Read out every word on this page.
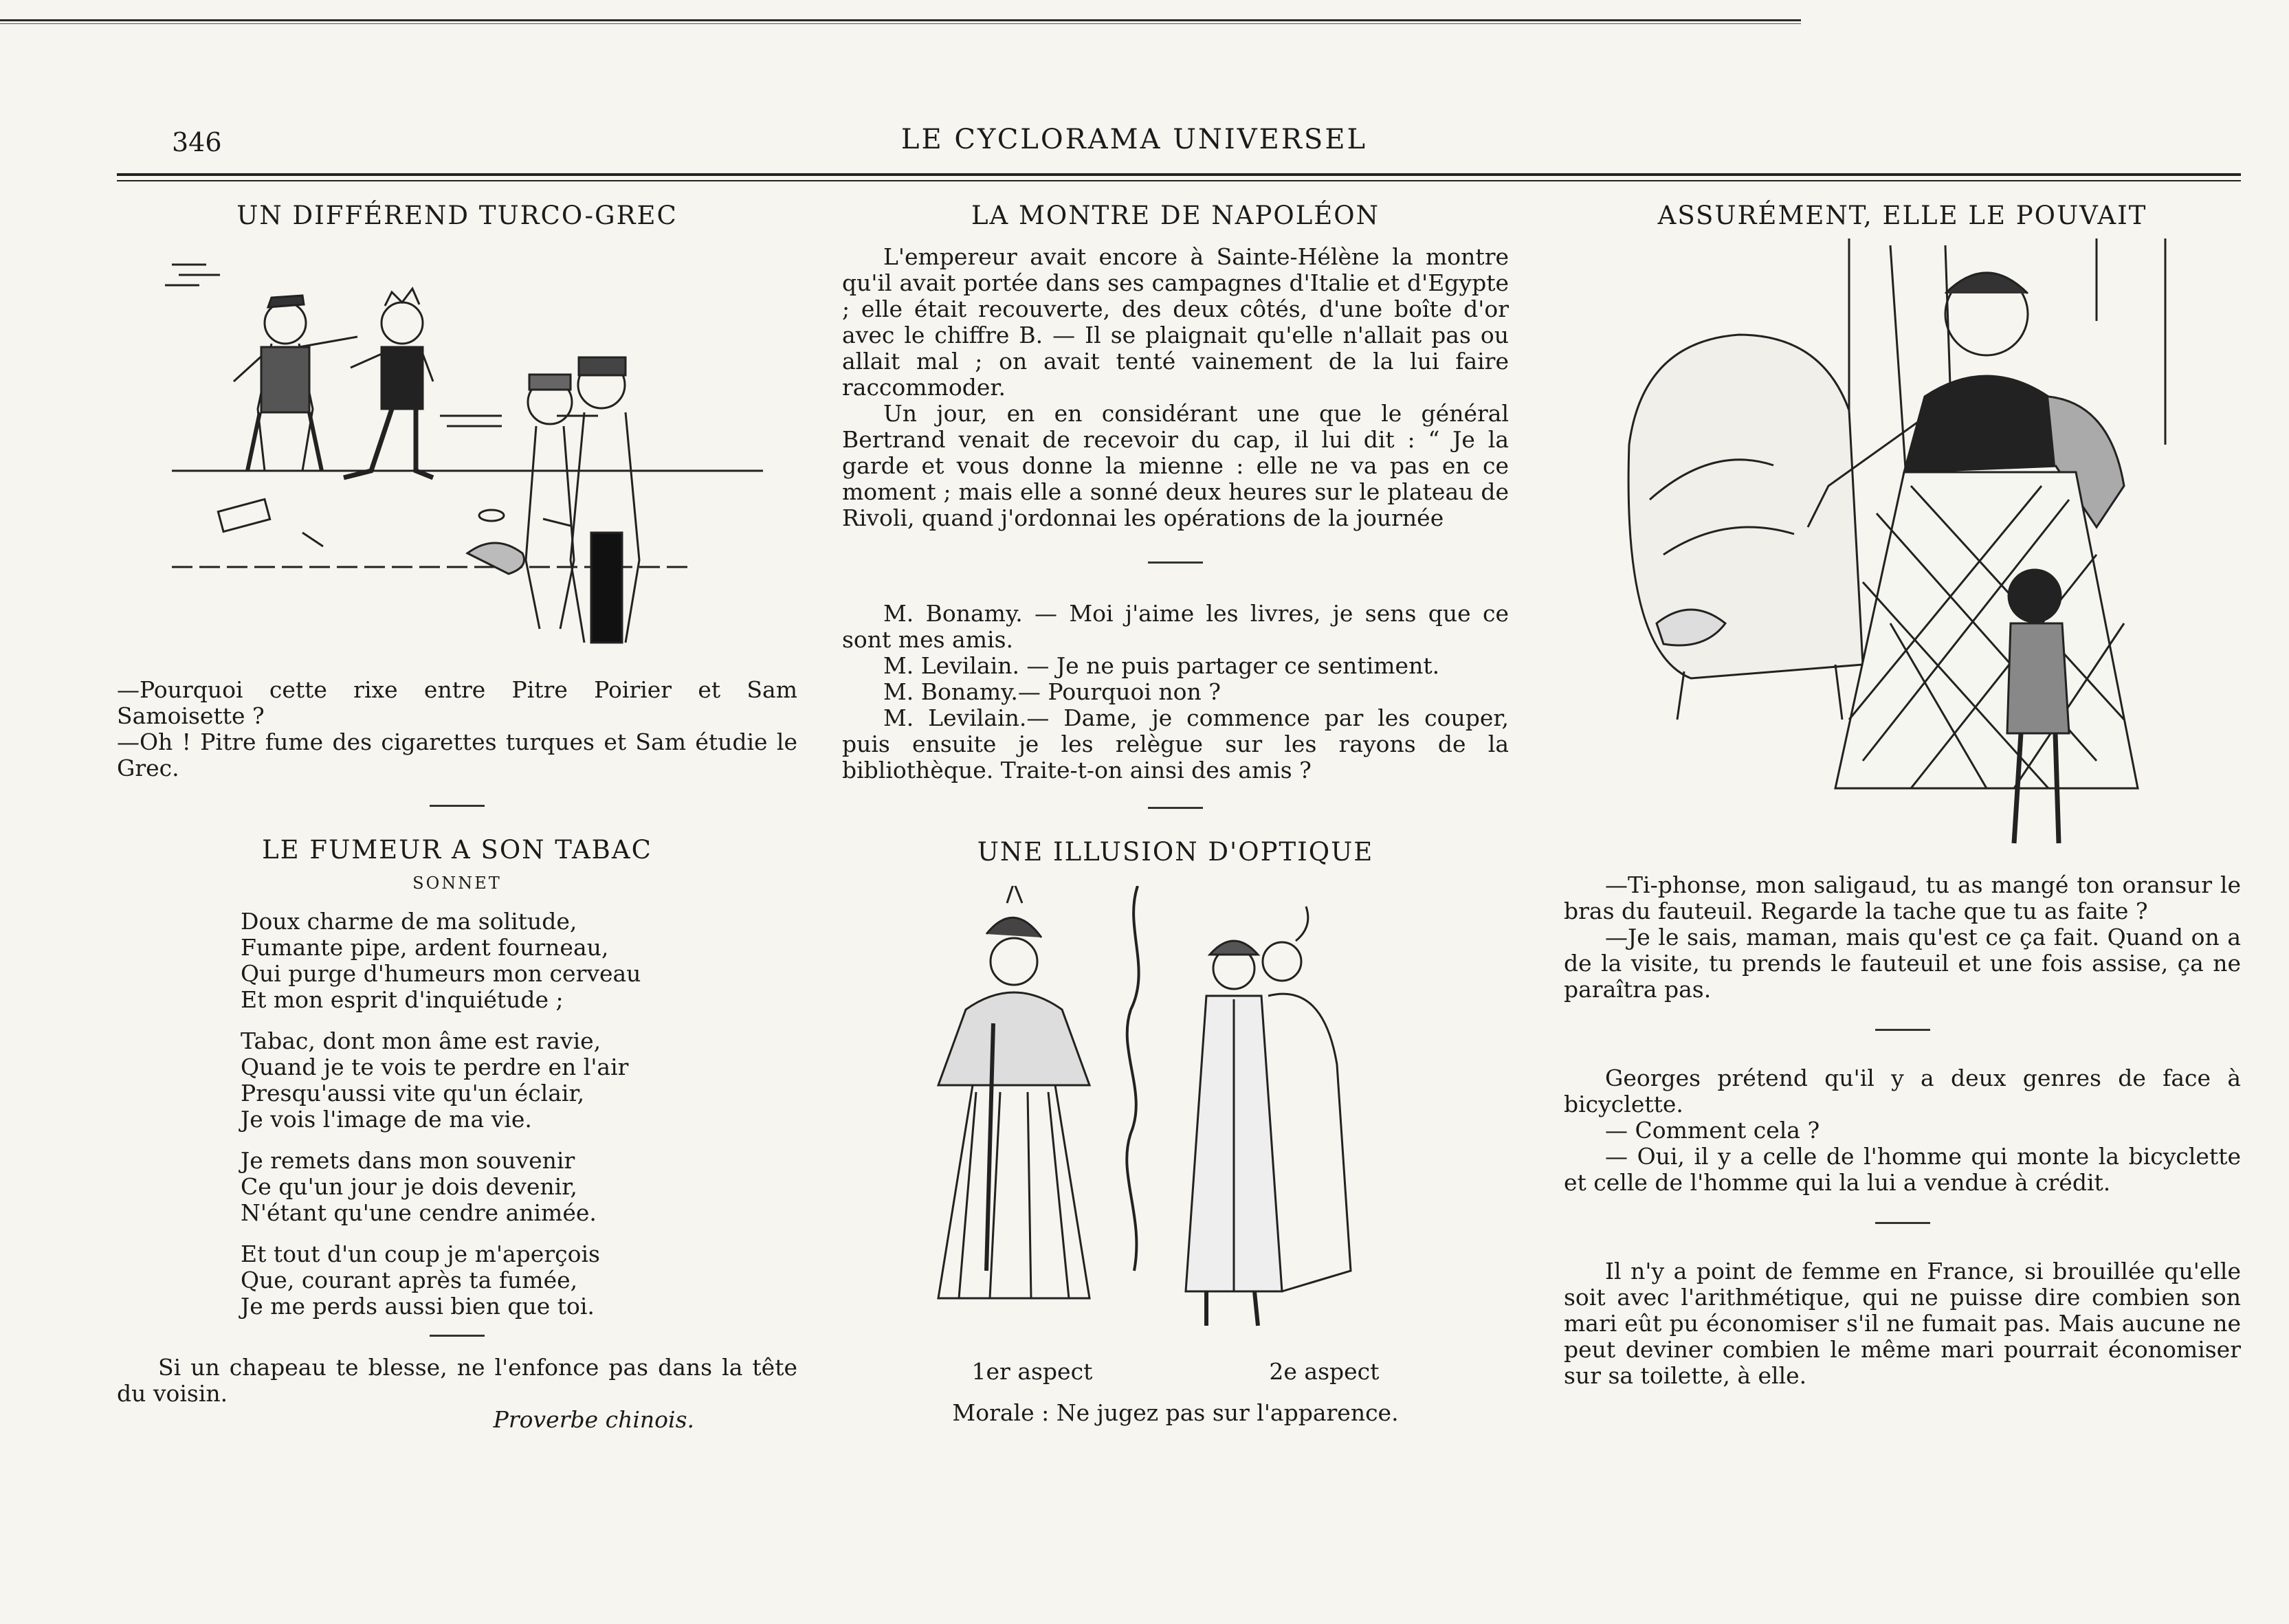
346	LE CYCLORAMA UNIVERSEL
UN DIFFÉREND TURCO-GREC

—Pourquoi cette rixe entre Pitre Poirier et Sam Samoisette ?

—Oh ! Pitre fume des cigarettes turques et Sam étudie le Grec.

LE FUMEUR A SON TABAC
SONNET
Doux charme de ma solitude,
Fumante pipe, ardent fourneau,
Qui purge d'humeurs mon cerveau
Et mon esprit d'inquiétude ;
Tabac, dont mon âme est ravie,
Quand je te vois te perdre en l'air
Presqu'aussi vite qu'un éclair,
Je vois l'image de ma vie.
Je remets dans mon souvenir
Ce qu'un jour je dois devenir,
N'étant qu'une cendre animée.
Et tout d'un coup je m'aperçois
Que, courant après ta fumée,
Je me perds aussi bien que toi.

Si un chapeau te blesse, ne l'enfonce pas dans la tête du voisin.

Proverbe chinois.

LA MONTRE DE NAPOLÉON

L'empereur avait encore à Sainte-Hélène la montre qu'il avait portée dans ses campagnes d'Italie et d'Egypte ; elle était recouverte, des deux côtés, d'une boîte d'or avec le chiffre B. — Il se plaignait qu'elle n'allait pas ou allait mal ; on avait tenté vainement de la lui faire raccommoder.

Un jour, en en considérant une que le général Bertrand venait de recevoir du cap, il lui dit : “ Je la garde et vous donne la mienne : elle ne va pas en ce moment ; mais elle a sonné deux heures sur le plateau de Rivoli, quand j'ordonnai les opérations de la journée

M. Bonamy. — Moi j'aime les livres, je sens que ce sont mes amis.

M. Levilain. — Je ne puis partager ce sentiment.

M. Bonamy.— Pourquoi non ?

M. Levilain.— Dame, je commence par les couper, puis ensuite je les relègue sur les rayons de la bibliothèque. Traite-t-on ainsi des amis ?

UNE ILLUSION D'OPTIQUE
1er aspect	2e aspect

Morale : Ne jugez pas sur l'apparence.

ASSURÉMENT, ELLE LE POUVAIT

—Ti-phonse, mon saligaud, tu as mangé ton oransur le bras du fauteuil. Regarde la tache que tu as faite ?

—Je le sais, maman, mais qu'est ce ça fait. Quand on a de la visite, tu prends le fauteuil et une fois assise, ça ne paraîtra pas.

Georges prétend qu'il y a deux genres de face à bicyclette.

— Comment cela ?

— Oui, il y a celle de l'homme qui monte la bicyclette et celle de l'homme qui la lui a vendue à crédit.

Il n'y a point de femme en France, si brouillée qu'elle soit avec l'arithmétique, qui ne puisse dire combien son mari eût pu économiser s'il ne fumait pas. Mais aucune ne peut deviner combien le même mari pourrait économiser sur sa toilette, à elle.
